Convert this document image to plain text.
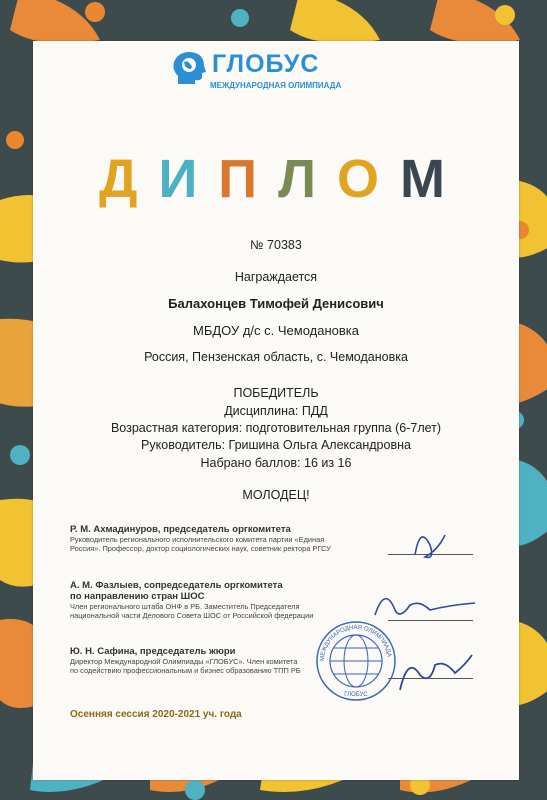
ГЛОБУС
МЕЖДУНАРОДНАЯ ОЛИМПИАДА
Д И П Л О М
№ 70383
Награждается
Балахонцев Тимофей Денисович
МБДОУ д/с с. Чемодановка
Россия, Пензенская область, с. Чемодановка
ПОБЕДИТЕЛЬ
Дисциплина: ПДД
Возрастная категория: подготовительная группа (6-7лет)
Руководитель: Гришина Ольга Александровна
Набрано баллов: 16 из 16
МОЛОДЕЦ!
Р. М. Ахмадинуров, председатель оргкомитета
Руководитель регионального исполнительского комитета партии «Единая
Россия». Профессор, доктор социологических наук, советник ректора РГСУ
А. М. Фазлыев, сопредседатель оргкомитета
по направлению стран ШОС
Член регионального штаба ОНФ в РБ. Заместитель Председателя
национальной части Делового Совета ШОС от Российской федерации
Ю. Н. Сафина, председатель жюри
Директор Международной Олимпиады «ГЛОБУС». Член комитета
по содействию профессиональным и бизнес образованию ТПП РБ
МЕЖДУНАРОДНАЯ ОЛИМПИАДА
ГЛОБУС
Осенняя сессия 2020-2021 уч. года
